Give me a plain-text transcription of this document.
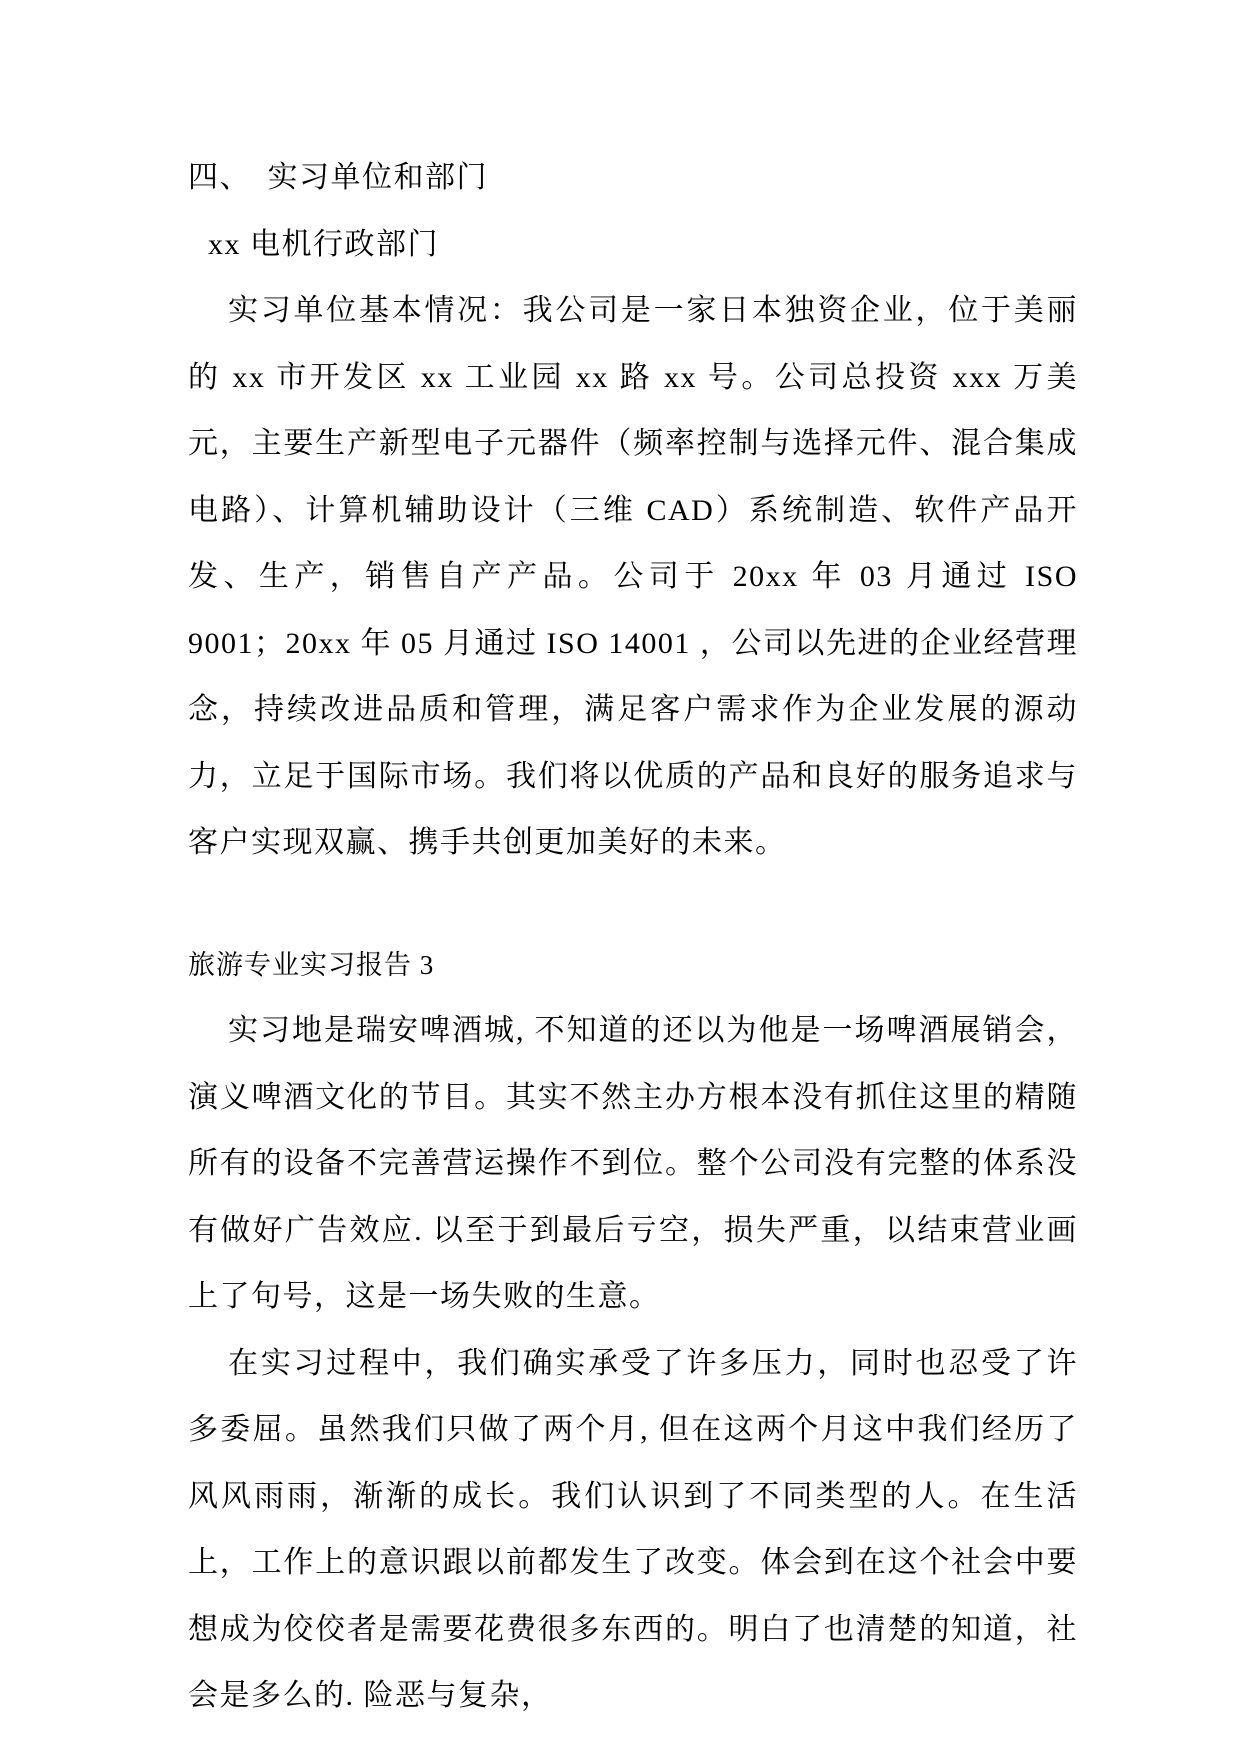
四、　实习单位和部门

xx 电机行政部门

实习单位基本情况：我公司是一家日本独资企业，位于美丽的 xx 市开发区 xx 工业园 xx 路 xx 号。公司总投资 xxx 万美元，主要生产新型电子元器件（频率控制与选择元件、混合集成电路）、计算机辅助设计（三维 CAD）系统制造、软件产品开发、生产，销售自产产品。公司于 20xx 年 03 月通过 ISO 9001；20xx 年 05 月通过 ISO 14001 ，公司以先进的企业经营理念，持续改进品质和管理，满足客户需求作为企业发展的源动力，立足于国际市场。我们将以优质的产品和良好的服务追求与客户实现双赢、携手共创更加美好的未来。

旅游专业实习报告 3

实习地是瑞安啤酒城, 不知道的还以为他是一场啤酒展销会，演义啤酒文化的节目。其实不然主办方根本没有抓住这里的精随所有的设备不完善营运操作不到位。整个公司没有完整的体系没有做好广告效应. 以至于到最后亏空，损失严重，以结束营业画上了句号，这是一场失败的生意。

在实习过程中，我们确实承受了许多压力，同时也忍受了许多委屈。虽然我们只做了两个月, 但在这两个月这中我们经历了风风雨雨，渐渐的成长。我们认识到了不同类型的人。在生活上，工作上的意识跟以前都发生了改变。体会到在这个社会中要想成为佼佼者是需要花费很多东西的。明白了也清楚的知道，社会是多么的. 险恶与复杂，
